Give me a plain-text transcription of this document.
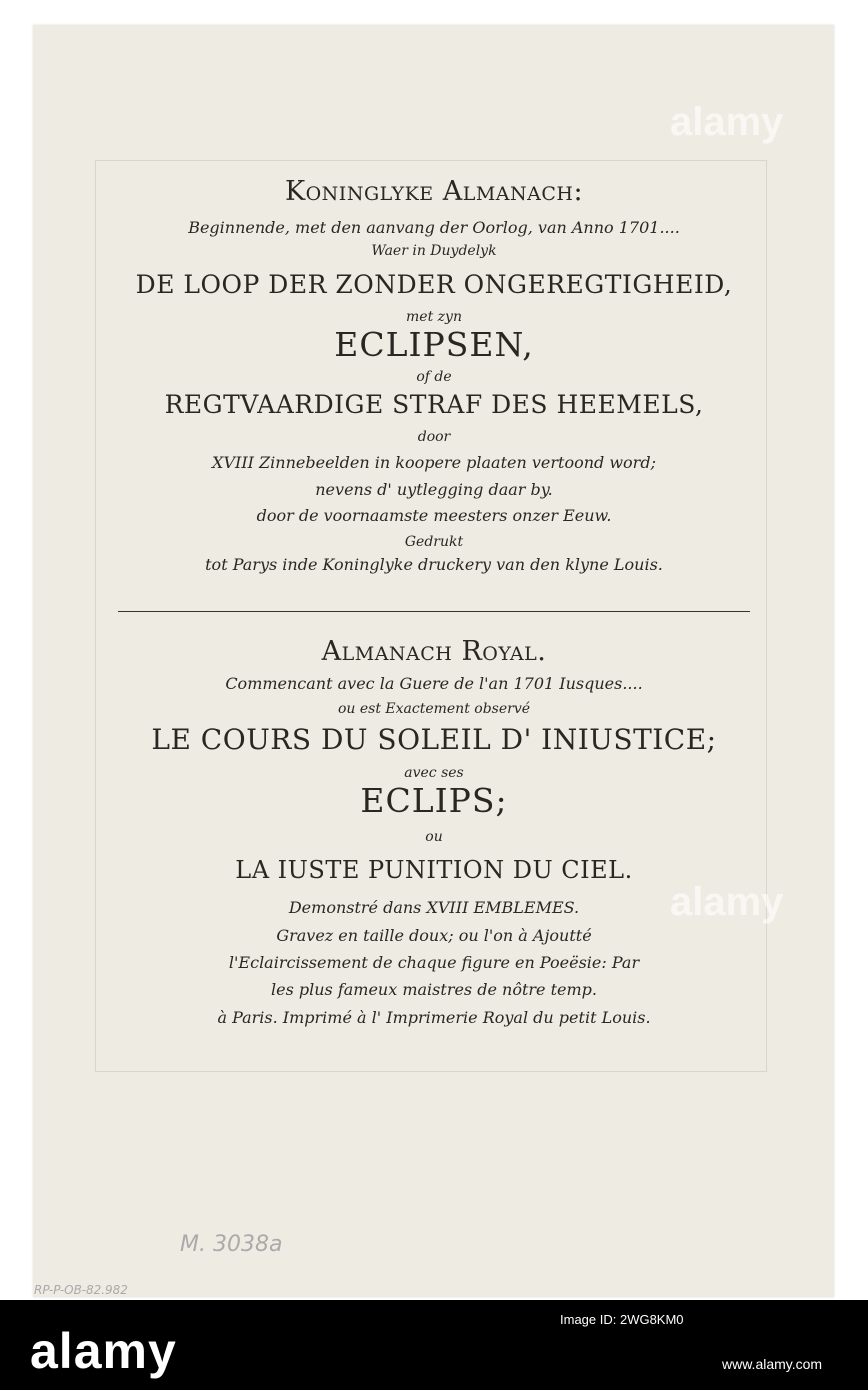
Koninglyke Almanach:
Beginnende, met den aanvang der Oorlog, van Anno 1701....
Waer in Duydelyk
DE LOOP DER ZONDER ONGEREGTIGHEID,
met zyn
ECLIPSEN,
of de
REGTVAARDIGE STRAF DES HEEMELS,
door
XVIII Zinnebeelden in koopere plaaten vertoond word;
nevens d' uytlegging daar by.
door de voornaamste meesters onzer Eeuw.
Gedrukt
tot Parys inde Koninglyke druckery van den klyne Louis.
Almanach Royal.
Commencant avec la Guere de l'an 1701 Iusques....
ou est Exactement observé
LE COURS DU SOLEIL D' INIUSTICE;
avec ses
ECLIPS;
ou
LA IUSTE PUNITION DU CIEL.
Demonstré dans XVIII EMBLEMES.
Gravez en taille doux; ou l'on à Ajoutté
l'Eclaircissement de chaque figure en Poeësie: Par
les plus fameux maistres de nôtre temp.
à Paris. Imprimé à l' Imprimerie Royal du petit Louis.
M. 3038a
RP-P-OB-82.982
alamy
alamy
alamy
Image ID: 2WG8KM0
www.alamy.com
